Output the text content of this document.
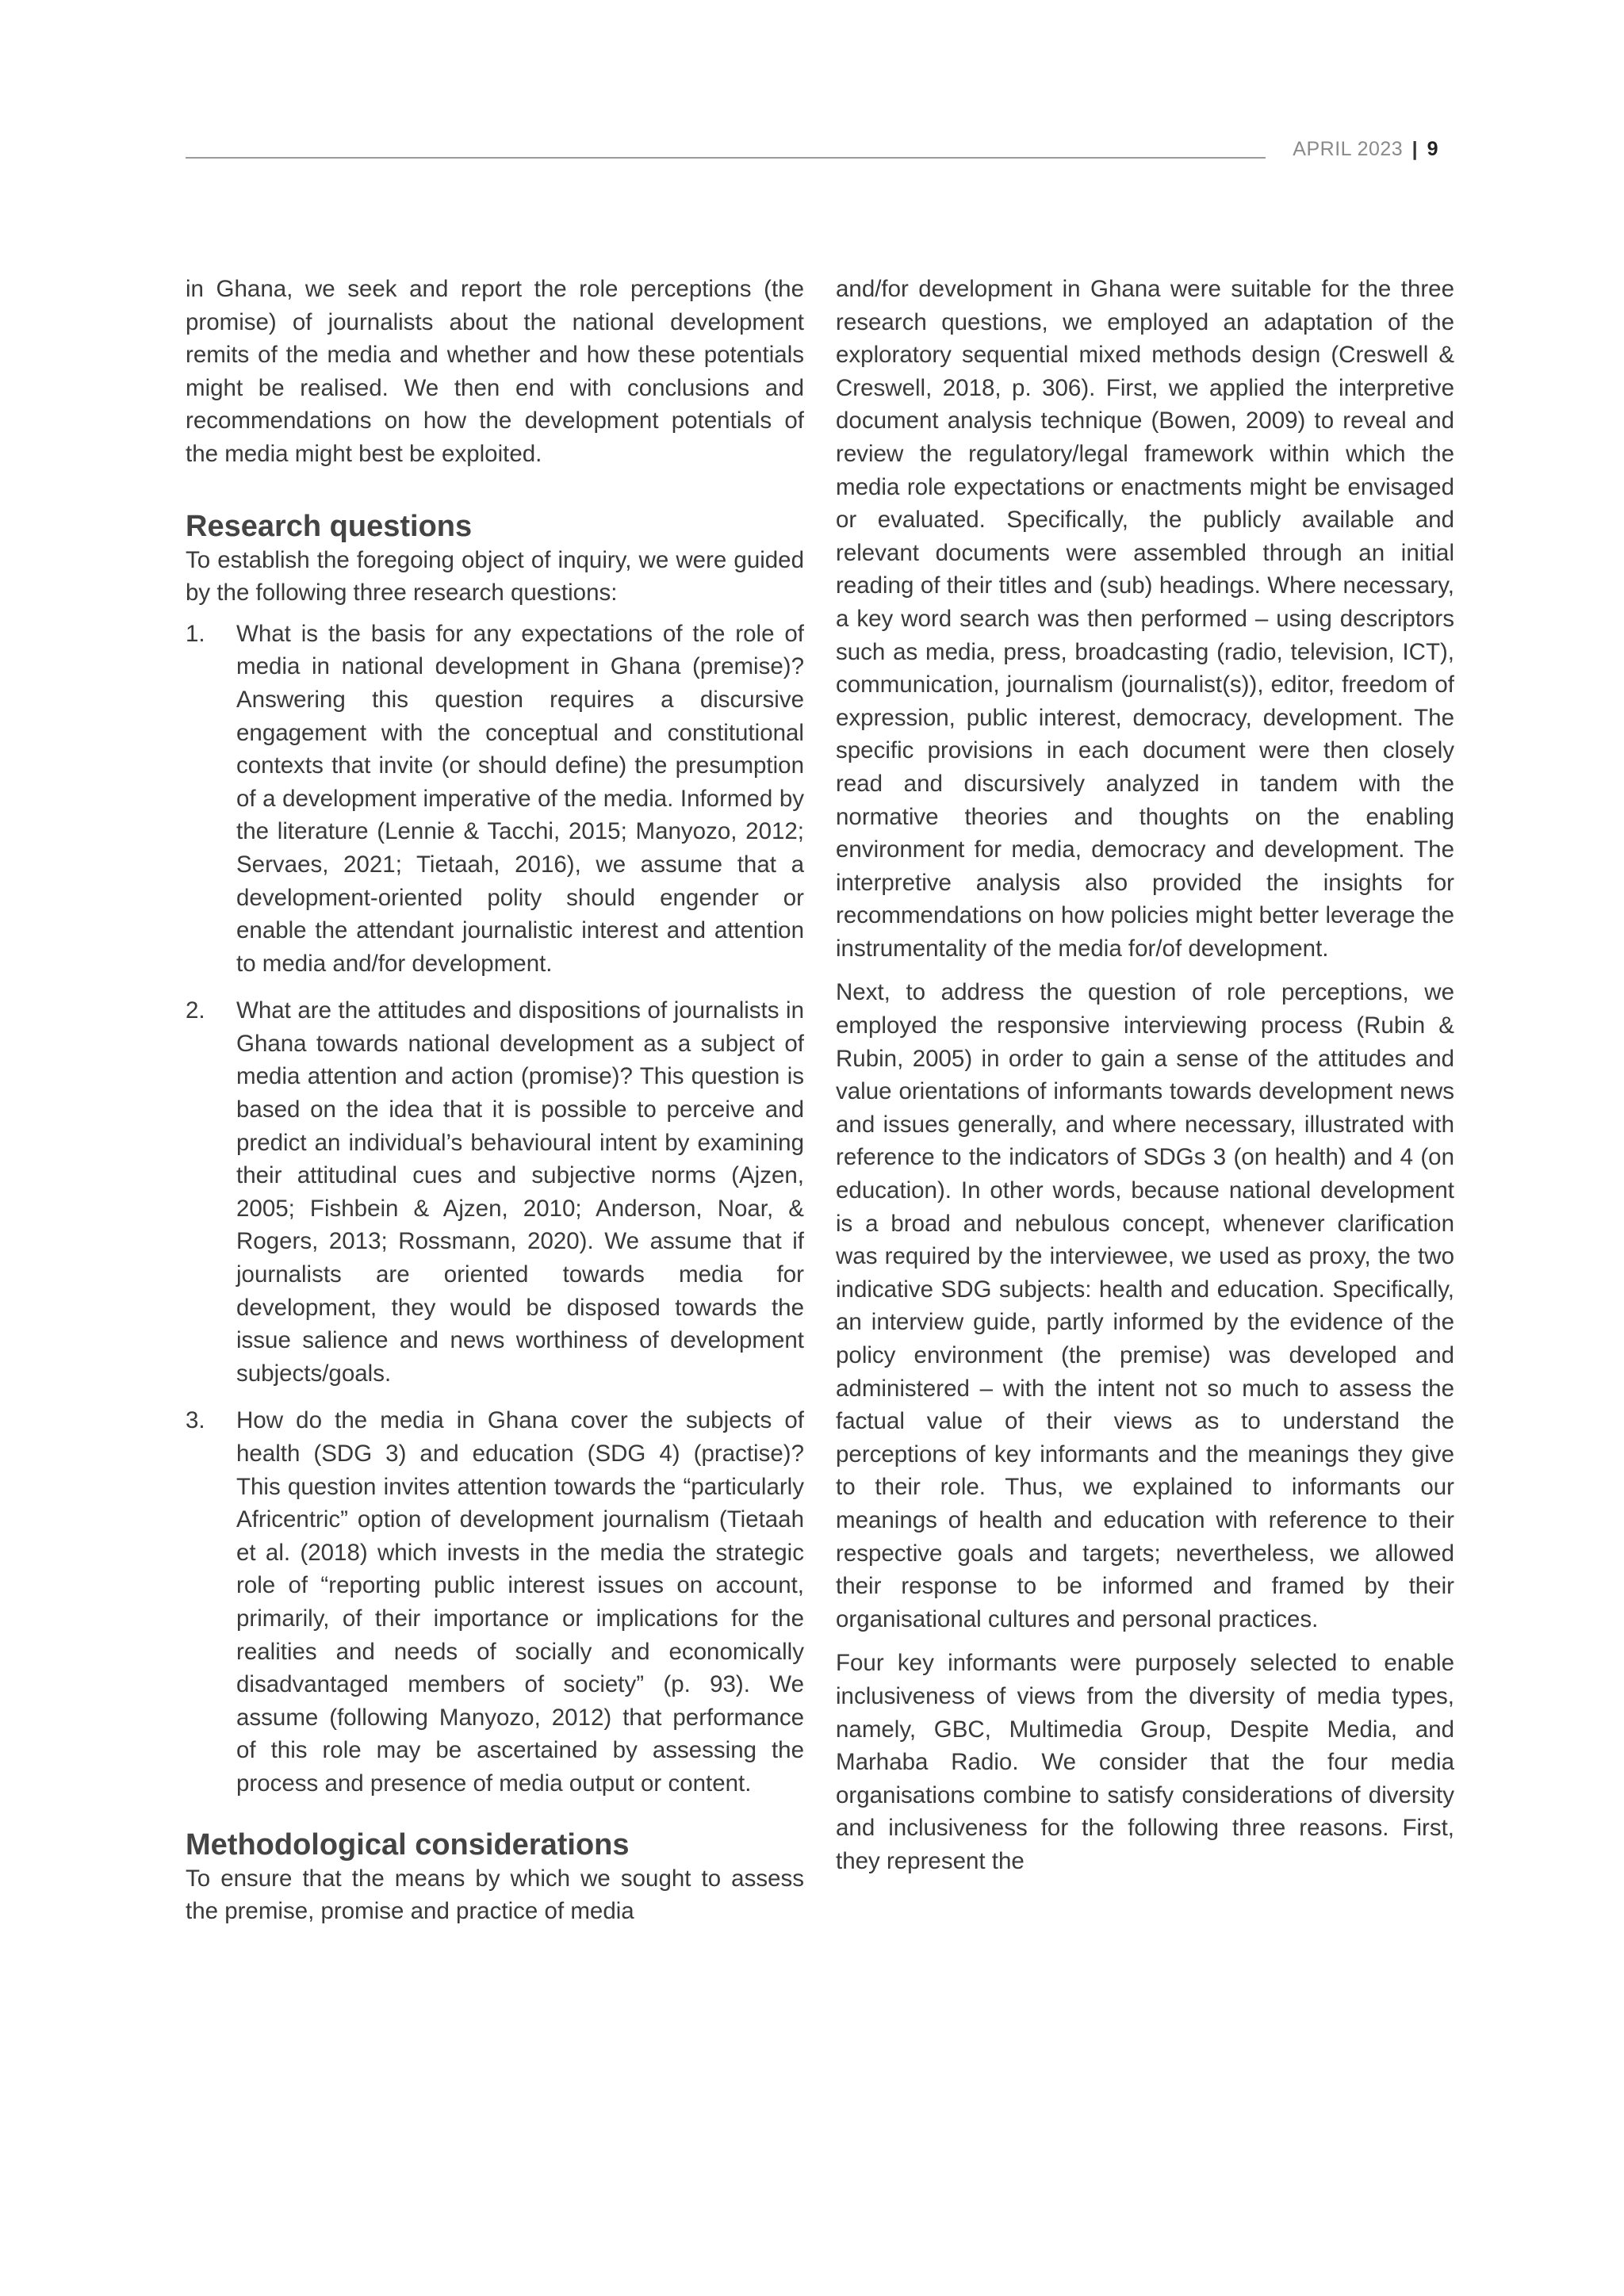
APRIL 2023 | 9

in Ghana, we seek and report the role perceptions (the promise) of journalists about the national development remits of the media and whether and how these potentials might be realised. We then end with conclusions and recommendations on how the development potentials of the media might best be exploited.

Research questions

To establish the foregoing object of inquiry, we were guided by the following three research questions:

1. What is the basis for any expectations of the role of media in national development in Ghana (premise)? Answering this question requires a discursive engagement with the conceptual and constitutional contexts that invite (or should define) the presumption of a development imperative of the media. Informed by the literature (Lennie & Tacchi, 2015; Manyozo, 2012; Servaes, 2021; Tietaah, 2016), we assume that a development-oriented polity should engender or enable the attendant journalistic interest and attention to media and/for development.
2. What are the attitudes and dispositions of journalists in Ghana towards national development as a subject of media attention and action (promise)? This question is based on the idea that it is possible to perceive and predict an individual’s behavioural intent by examining their attitudinal cues and subjective norms (Ajzen, 2005; Fishbein & Ajzen, 2010; Anderson, Noar, & Rogers, 2013; Rossmann, 2020). We assume that if journalists are oriented towards media for development, they would be disposed towards the issue salience and news worthiness of development subjects/goals.
3. How do the media in Ghana cover the subjects of health (SDG 3) and education (SDG 4) (practise)? This question invites attention towards the “particularly Africentric” option of development journalism (Tietaah et al. (2018) which invests in the media the strategic role of “reporting public interest issues on account, primarily, of their importance or implications for the realities and needs of socially and economically disadvantaged members of society” (p. 93). We assume (following Manyozo, 2012) that performance of this role may be ascertained by assessing the process and presence of media output or content.
Methodological considerations

To ensure that the means by which we sought to assess the premise, promise and practice of media

and/for development in Ghana were suitable for the three research questions, we employed an adaptation of the exploratory sequential mixed methods design (Creswell & Creswell, 2018, p. 306). First, we applied the interpretive document analysis technique (Bowen, 2009) to reveal and review the regulatory/legal framework within which the media role expectations or enactments might be envisaged or evaluated. Specifically, the publicly available and relevant documents were assembled through an initial reading of their titles and (sub) headings. Where necessary, a key word search was then performed – using descriptors such as media, press, broadcasting (radio, television, ICT), communication, journalism (journalist(s)), editor, freedom of expression, public interest, democracy, development. The specific provisions in each document were then closely read and discursively analyzed in tandem with the normative theories and thoughts on the enabling environment for media, democracy and development. The interpretive analysis also provided the insights for recommendations on how policies might better leverage the instrumentality of the media for/of development.

Next, to address the question of role perceptions, we employed the responsive interviewing process (Rubin & Rubin, 2005) in order to gain a sense of the attitudes and value orientations of informants towards development news and issues generally, and where necessary, illustrated with reference to the indicators of SDGs 3 (on health) and 4 (on education). In other words, because national development is a broad and nebulous concept, whenever clarification was required by the interviewee, we used as proxy, the two indicative SDG subjects: health and education. Specifically, an interview guide, partly informed by the evidence of the policy environment (the premise) was developed and administered – with the intent not so much to assess the factual value of their views as to understand the perceptions of key informants and the meanings they give to their role. Thus, we explained to informants our meanings of health and education with reference to their respective goals and targets; nevertheless, we allowed their response to be informed and framed by their organisational cultures and personal practices.

Four key informants were purposely selected to enable inclusiveness of views from the diversity of media types, namely, GBC, Multimedia Group, Despite Media, and Marhaba Radio. We consider that the four media organisations combine to satisfy considerations of diversity and inclusiveness for the following three reasons. First, they represent the
